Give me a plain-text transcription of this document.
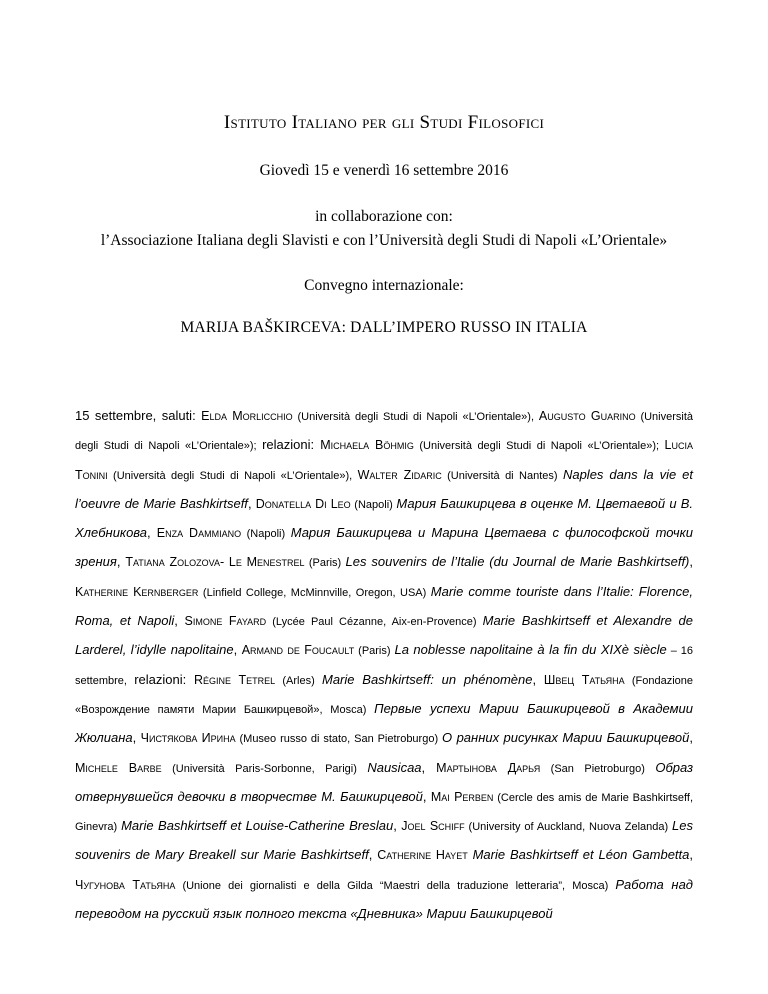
Istituto Italiano per gli Studi Filosofici
Giovedì 15 e venerdì 16 settembre 2016
in collaborazione con:
l’Associazione Italiana degli Slavisti e con l’Università degli Studi di Napoli «L’Orientale»
Convegno internazionale:
MARIJA BAŠKIRCEVA: DALL’IMPERO RUSSO IN ITALIA
15 settembre, saluti: Elda Morlicchio (Università degli Studi di Napoli «L’Orientale»), Augusto Guarino (Università degli Studi di Napoli «L’Orientale»); relazioni: Michaela Böhmig (Università degli Studi di Napoli «L’Orientale»); Lucia Tonini (Università degli Studi di Napoli «L’Orientale»), Walter Zidaric (Università di Nantes) Naples dans la vie et l’oeuvre de Marie Bashkirtseff, Donatella Di Leo (Napoli) Мария Башкирцева в оценке М. Цветаевой и В. Хлебникова, Enza Dammiano (Napoli) Мария Башкирцева и Марина Цветаева с философской точки зрения, Tatiana Zolozova- Le Menestrel (Paris) Les souvenirs de l’Italie (du Journal de Marie Bashkirtseff), Katherine Kernberger (Linfield College, McMinnville, Oregon, USA) Marie comme touriste dans l’Italie: Florence, Roma, et Napoli, Simone Fayard (Lycée Paul Cézanne, Aix-en-Provence) Marie Bashkirtseff et Alexandre de Larderel, l’idylle napolitaine, Armand de Foucault (Paris) La noblesse napolitaine à la fin du XIXè siècle – 16 settembre, relazioni: Régine Tetrel (Arles) Marie Bashkirtseff: un phénomène, Швец Татьяна (Fondazione «Возрождение памяти Марии Башкирцевой», Mosca) Первые успехи Марии Башкирцевой в Академии Жюлиана, Чистякова Ирина (Museo russo di stato, San Pietroburgo) О ранних рисунках Марии Башкирцевой, Michele Barbe (Università Paris-Sorbonne, Parigi) Nausicaa, Мартынова Дарья (San Pietroburgo) Образ отвернувшейся девочки в творчестве М. Башкирцевой, Mai Perben (Cercle des amis de Marie Bashkirtseff, Ginevra) Marie Bashkirtseff et Louise-Catherine Breslau, Joel Schiff (University of Auckland, Nuova Zelanda) Les souvenirs de Mary Breakell sur Marie Bashkirtseff, Catherine Hayet Marie Bashkirtseff et Léon Gambetta, Чугунова Татьяна (Unione dei giornalisti e della Gilda “Maestri della traduzione letteraria”, Mosca) Работа над переводом на русский язык полного текста «Дневника» Марии Башкирцевой
